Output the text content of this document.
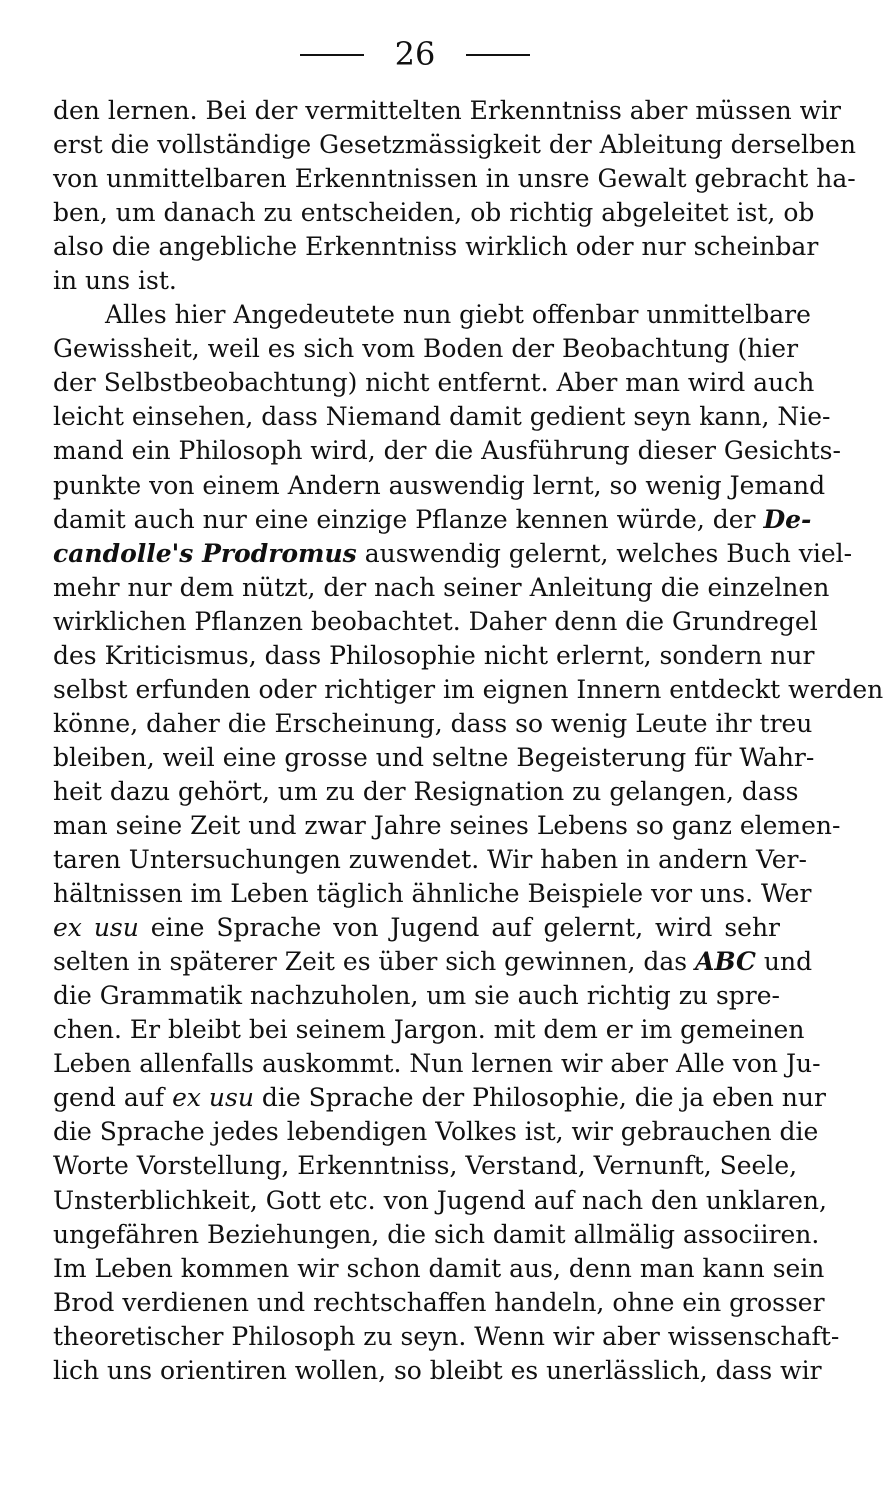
26
den lernen. Bei der vermittelten Erkenntniss aber müssen wir
erst die vollständige Gesetzmässigkeit der Ableitung derselben
von unmittelbaren Erkenntnissen in unsre Gewalt gebracht ha-
ben, um danach zu entscheiden, ob richtig abgeleitet ist, ob
also die angebliche Erkenntniss wirklich oder nur scheinbar
in uns ist.
Alles hier Angedeutete nun giebt offenbar unmittelbare
Gewissheit, weil es sich vom Boden der Beobachtung (hier
der Selbstbeobachtung) nicht entfernt. Aber man wird auch
leicht einsehen, dass Niemand damit gedient seyn kann, Nie-
mand ein Philosoph wird, der die Ausführung dieser Gesichts-
punkte von einem Andern auswendig lernt, so wenig Jemand
damit auch nur eine einzige Pflanze kennen würde, der De-
candolle's Prodromus auswendig gelernt, welches Buch viel-
mehr nur dem nützt, der nach seiner Anleitung die einzelnen
wirklichen Pflanzen beobachtet. Daher denn die Grundregel
des Kriticismus, dass Philosophie nicht erlernt, sondern nur
selbst erfunden oder richtiger im eignen Innern entdeckt werden
könne, daher die Erscheinung, dass so wenig Leute ihr treu
bleiben, weil eine grosse und seltne Begeisterung für Wahr-
heit dazu gehört, um zu der Resignation zu gelangen, dass
man seine Zeit und zwar Jahre seines Lebens so ganz elemen-
taren Untersuchungen zuwendet. Wir haben in andern Ver-
hältnissen im Leben täglich ähnliche Beispiele vor uns. Wer
ex usu eine Sprache von Jugend auf gelernt, wird sehr
selten in späterer Zeit es über sich gewinnen, das ABC und
die Grammatik nachzuholen, um sie auch richtig zu spre-
chen. Er bleibt bei seinem Jargon. mit dem er im gemeinen
Leben allenfalls auskommt. Nun lernen wir aber Alle von Ju-
gend auf ex usu die Sprache der Philosophie, die ja eben nur
die Sprache jedes lebendigen Volkes ist, wir gebrauchen die
Worte Vorstellung, Erkenntniss, Verstand, Vernunft, Seele,
Unsterblichkeit, Gott etc. von Jugend auf nach den unklaren,
ungefähren Beziehungen, die sich damit allmälig associiren.
Im Leben kommen wir schon damit aus, denn man kann sein
Brod verdienen und rechtschaffen handeln, ohne ein grosser
theoretischer Philosoph zu seyn. Wenn wir aber wissenschaft-
lich uns orientiren wollen, so bleibt es unerlässlich, dass wir
